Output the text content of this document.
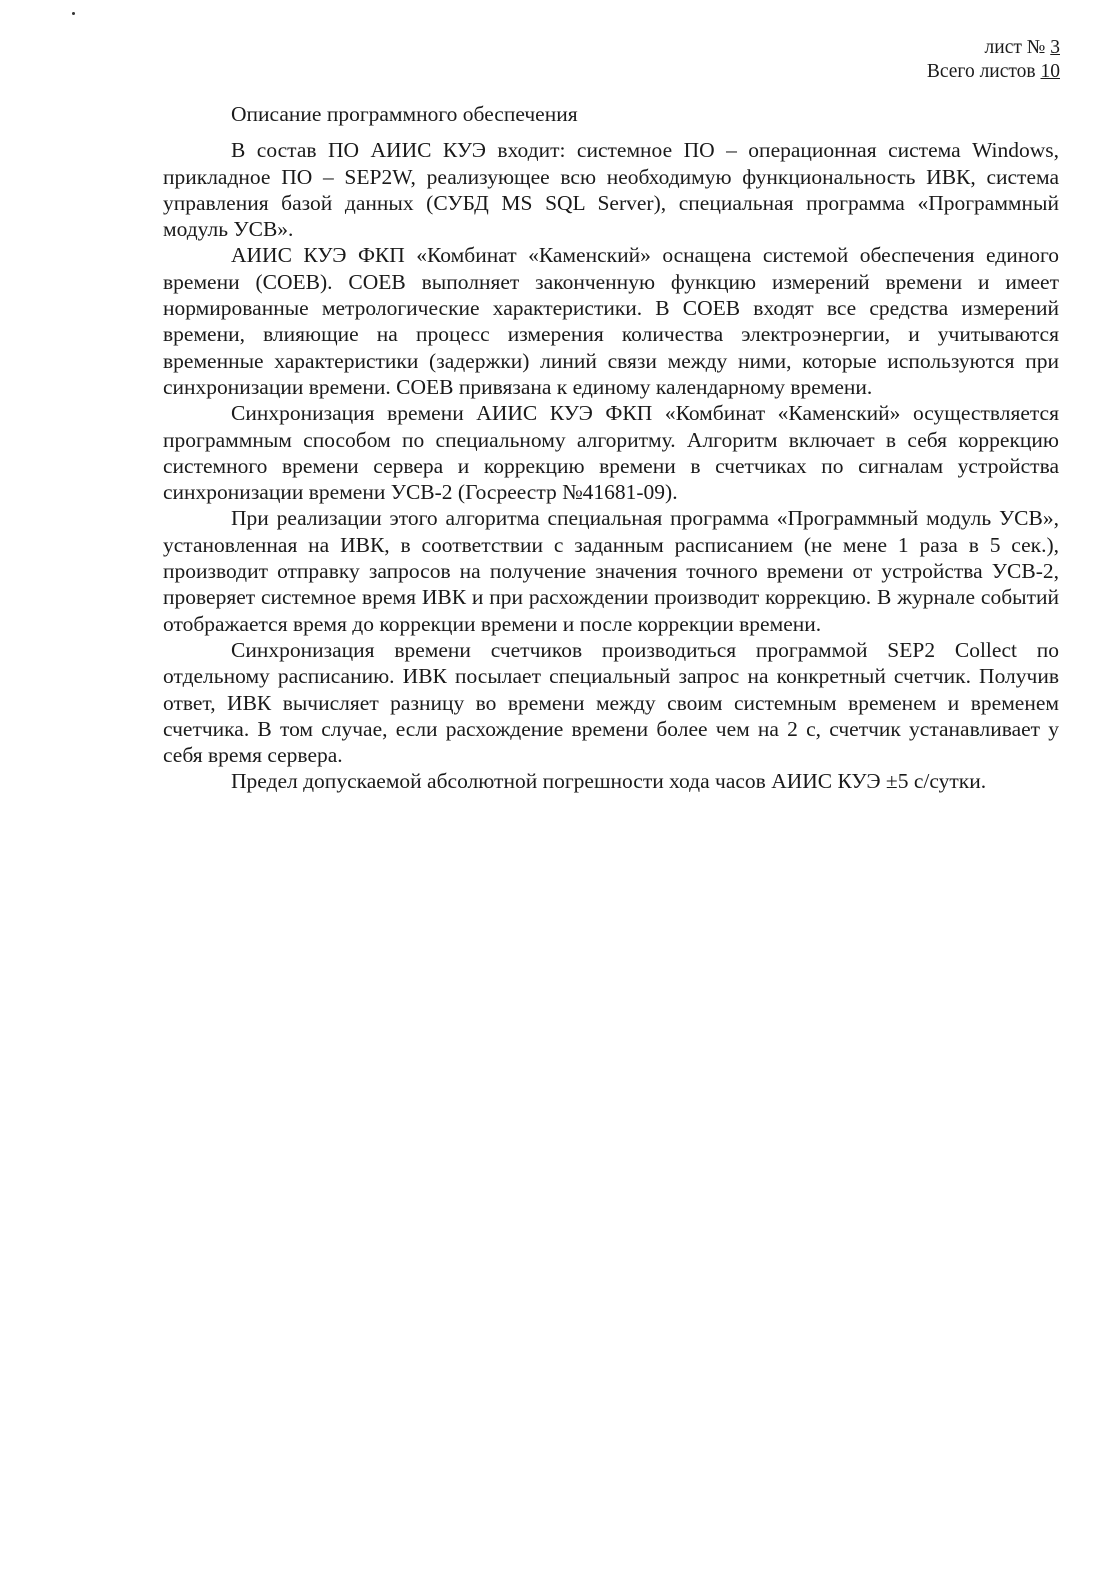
лист № 3
Всего листов 10

Описание программного обеспечения

В состав ПО АИИС КУЭ входит: системное ПО – операционная система Windows, прикладное ПО – SEP2W, реализующее всю необходимую функциональность ИВК, система управления базой данных (СУБД MS SQL Server), специальная программа «Программный модуль УСВ».

АИИС КУЭ ФКП «Комбинат «Каменский» оснащена системой обеспечения единого времени (СОЕВ). СОЕВ выполняет законченную функцию измерений времени и имеет нормированные метрологические характеристики. В СОЕВ входят все средства измерений времени, влияющие на процесс измерения количества электроэнергии, и учитываются временные характеристики (задержки) линий связи между ними, которые используются при синхронизации времени. СОЕВ привязана к единому календарному времени.

Синхронизация времени АИИС КУЭ ФКП «Комбинат «Каменский» осуществляется программным способом по специальному алгоритму. Алгоритм включает в себя коррекцию системного времени сервера и коррекцию времени в счетчиках по сигналам устройства синхронизации времени УСВ-2 (Госреестр №41681-09).

При реализации этого алгоритма специальная программа «Программный модуль УСВ», установленная на ИВК, в соответствии с заданным расписанием (не мене 1 раза в 5 сек.), производит отправку запросов на получение значения точного времени от устройства УСВ-2, проверяет системное время ИВК и при расхождении производит коррекцию. В журнале событий отображается время до коррекции времени и после коррекции времени.

Синхронизация времени счетчиков производиться программой SEP2 Collect по отдельному расписанию. ИВК посылает специальный запрос на конкретный счетчик. Получив ответ, ИВК вычисляет разницу во времени между своим системным временем и временем счетчика. В том случае, если расхождение времени более чем на 2 с, счетчик устанавливает у себя время сервера.

Предел допускаемой абсолютной погрешности хода часов АИИС КУЭ ±5 с/сутки.
